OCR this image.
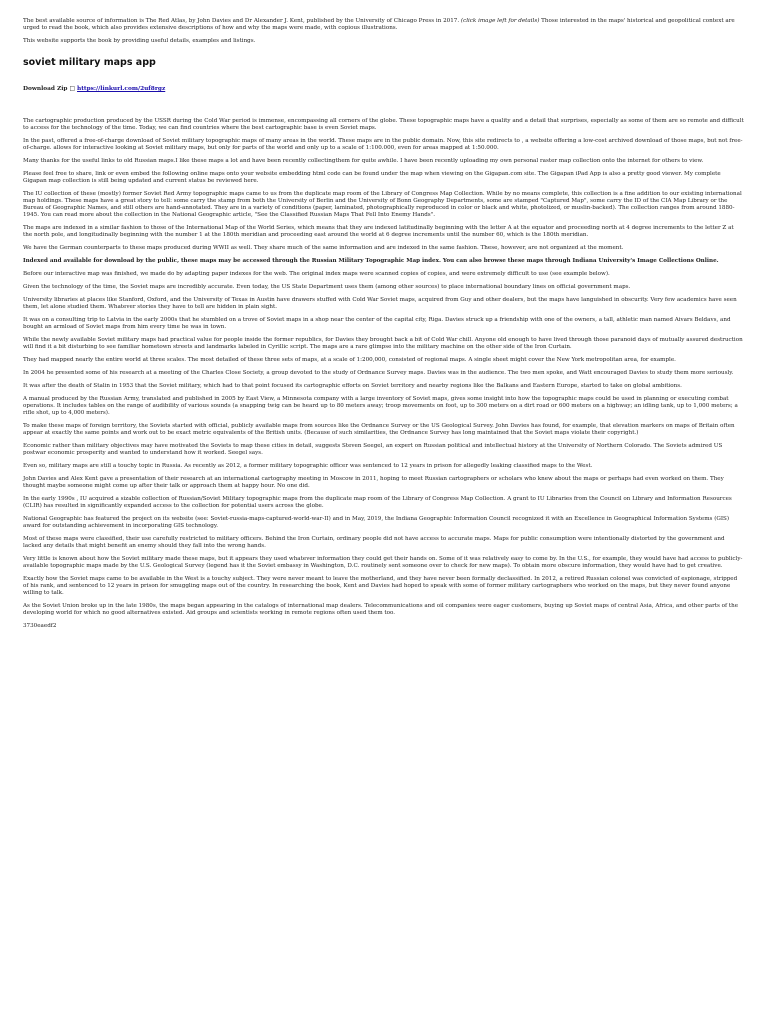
The best available source of information is The Red Atlas, by John Davies and Dr Alexander J. Kent, published by the University of Chicago Press in 2017. (click image left for details) Those interested in the maps' historical and geopolitical context are urged to read the book, which also provides extensive descriptions of how and why the maps were made, with copious illustrations.

This website supports the book by providing useful details, examples and listings.

soviet military maps app
Download Zip □ https://linkurl.com/2uf8rgz

The cartographic production produced by the USSR during the Cold War period is immense, encompassing all corners of the globe. These topographic maps have a quality and a detail that surprises, especially as some of them are so remote and difficult to access for the technology of the time. Today, we can find countries where the best cartographic base is even Soviet maps.

In the past, offered a free-of-charge download of Soviet military topographic maps of many areas in the world. These maps are in the public domain. Now, this site redirects to , a website offering a low-cost archived download of those maps, but not free-of-charge. allows for interactive looking at Soviet military maps, but only for parts of the world and only up to a scale of 1:100.000, even for areas mapped at 1:50.000.

Many thanks for the useful links to old Russian maps.I like these maps a lot and have been recently collectingthem for quite awhile. I have been recently uploading my own personal raster map collection onto the internet for others to view.

Please feel free to share, link or even embed the following online maps onto your website embedding html code can be found under the map when viewing on the Gigapan.com site. The Gigapan iPad App is also a pretty good viewer. My complete Gigapan map collection is still being updated and current status be reviewed here.

The IU collection of these (mostly) former Soviet Red Army topographic maps came to us from the duplicate map room of the Library of Congress Map Collection. While by no means complete, this collection is a fine addition to our existing international map holdings. These maps have a great story to tell: some carry the stamp from both the University of Berlin and the University of Bonn Geography Departments, some are stamped "Captured Map", some carry the ID of the CIA Map Library or the Bureau of Geographic Names, and still others are hand-annotated. They are in a variety of conditions (paper, laminated, photographically reproduced in color or black and white, photolized, or muslin-backed). The collection ranges from around 1880-1945. You can read more about the collection in the National Geographic article, "See the Classified Russian Maps That Fell Into Enemy Hands".

The maps are indexed in a similar fashion to those of the International Map of the World Series, which means that they are indexed latitudinally beginning with the letter A at the equator and proceeding north at 4 degree increments to the letter Z at the north pole, and longitudinally beginning with the number 1 at the 180th meridian and proceeding east around the world at 6 degree increments until the number 60, which is the 180th meridian.

We have the German counterparts to these maps produced during WWII as well. They share much of the same information and are indexed in the same fashion. These, however, are not organized at the moment.

Indexed and available for download by the public, these maps may be accessed through the Russian Military Topographic Map index. You can also browse these maps through Indiana University's Image Collections Online.

Before our interactive map was finished, we made do by adapting paper indexes for the web. The original index maps were scanned copies of copies, and were extremely difficult to use (see example below).

Given the technology of the time, the Soviet maps are incredibly accurate. Even today, the US State Department uses them (among other sources) to place international boundary lines on official government maps.

University libraries at places like Stanford, Oxford, and the University of Texas in Austin have drawers stuffed with Cold War Soviet maps, acquired from Guy and other dealers, but the maps have languished in obscurity. Very few academics have seen them, let alone studied them. Whatever stories they have to tell are hidden in plain sight.

It was on a consulting trip to Latvia in the early 2000s that he stumbled on a trove of Soviet maps in a shop near the center of the capital city, Riga. Davies struck up a friendship with one of the owners, a tall, athletic man named Aivars Beldavs, and bought an armload of Soviet maps from him every time he was in town.

While the newly available Soviet military maps had practical value for people inside the former republics, for Davies they brought back a bit of Cold War chill. Anyone old enough to have lived through those paranoid days of mutually assured destruction will find it a bit disturbing to see familiar hometown streets and landmarks labeled in Cyrillic script. The maps are a rare glimpse into the military machine on the other side of the Iron Curtain.

They had mapped nearly the entire world at three scales. The most detailed of these three sets of maps, at a scale of 1:200,000, consisted of regional maps. A single sheet might cover the New York metropolitan area, for example.

In 2004 he presented some of his research at a meeting of the Charles Close Society, a group devoted to the study of Ordnance Survey maps. Davies was in the audience. The two men spoke, and Watt encouraged Davies to study them more seriously.

It was after the death of Stalin in 1953 that the Soviet military, which had to that point focused its cartographic efforts on Soviet territory and nearby regions like the Balkans and Eastern Europe, started to take on global ambitions.

A manual produced by the Russian Army, translated and published in 2005 by East View, a Minnesota company with a large inventory of Soviet maps, gives some insight into how the topographic maps could be used in planning or executing combat operations. It includes tables on the range of audibility of various sounds (a snapping twig can be heard up to 80 meters away; troop movements on foot, up to 300 meters on a dirt road or 600 meters on a highway; an idling tank, up to 1,000 meters; a rifle shot, up to 4,000 meters).

To make these maps of foreign territory, the Soviets started with official, publicly available maps from sources like the Ordnance Survey or the US Geological Survey. John Davies has found, for example, that elevation markers on maps of Britain often appear at exactly the same points and work out to be exact metric equivalents of the British units. (Because of such similarities, the Ordnance Survey has long maintained that the Soviet maps violate their copyright.)

Economic rather than military objectives may have motivated the Soviets to map these cities in detail, suggests Steven Seegel, an expert on Russian political and intellectual history at the University of Northern Colorado. The Soviets admired US postwar economic prosperity and wanted to understand how it worked. Seegel says.

Even so, military maps are still a touchy topic in Russia. As recently as 2012, a former military topographic officer was sentenced to 12 years in prison for allegedly leaking classified maps to the West.

John Davies and Alex Kent gave a presentation of their research at an international cartography meeting in Moscow in 2011, hoping to meet Russian cartographers or scholars who knew about the maps or perhaps had even worked on them. They thought maybe someone might come up after their talk or approach them at happy hour. No one did.

In the early 1990s , IU acquired a sizable collection of Russian/Soviet Military topographic maps from the duplicate map room of the Library of Congress Map Collection. A grant to IU Libraries from the Council on Library and Information Resources (CLIR) has resulted in significantly expanded access to the collection for potential users across the globe.

National Geographic has featured the project on its website (see: Soviet-russia-maps-captured-world-war-II) and in May, 2019, the Indiana Geographic Information Council recognized it with an Excellence in Geographical Information Systems (GIS) award for outstanding achievement in incorporating GIS technology.

Most of these maps were classified, their use carefully restricted to military officers. Behind the Iron Curtain, ordinary people did not have access to accurate maps. Maps for public consumption were intentionally distorted by the government and lacked any details that might benefit an enemy should they fall into the wrong hands.

Very little is known about how the Soviet military made these maps, but it appears they used whatever information they could get their hands on. Some of it was relatively easy to come by. In the U.S., for example, they would have had access to publicly-available topographic maps made by the U.S. Geological Survey (legend has it the Soviet embassy in Washington, D.C. routinely sent someone over to check for new maps). To obtain more obscure information, they would have had to get creative.

Exactly how the Soviet maps came to be available in the West is a touchy subject. They were never meant to leave the motherland, and they have never been formally declassified. In 2012, a retired Russian colonel was convicted of espionage, stripped of his rank, and sentenced to 12 years in prison for smuggling maps out of the country. In researching the book, Kent and Davies had hoped to speak with some of former military cartographers who worked on the maps, but they never found anyone willing to talk.

As the Soviet Union broke up in the late 1980s, the maps began appearing in the catalogs of international map dealers. Telecommunications and oil companies were eager customers, buying up Soviet maps of central Asia, Africa, and other parts of the developing world for which no good alternatives existed. Aid groups and scientists working in remote regions often used them too.

3730eaedf2
